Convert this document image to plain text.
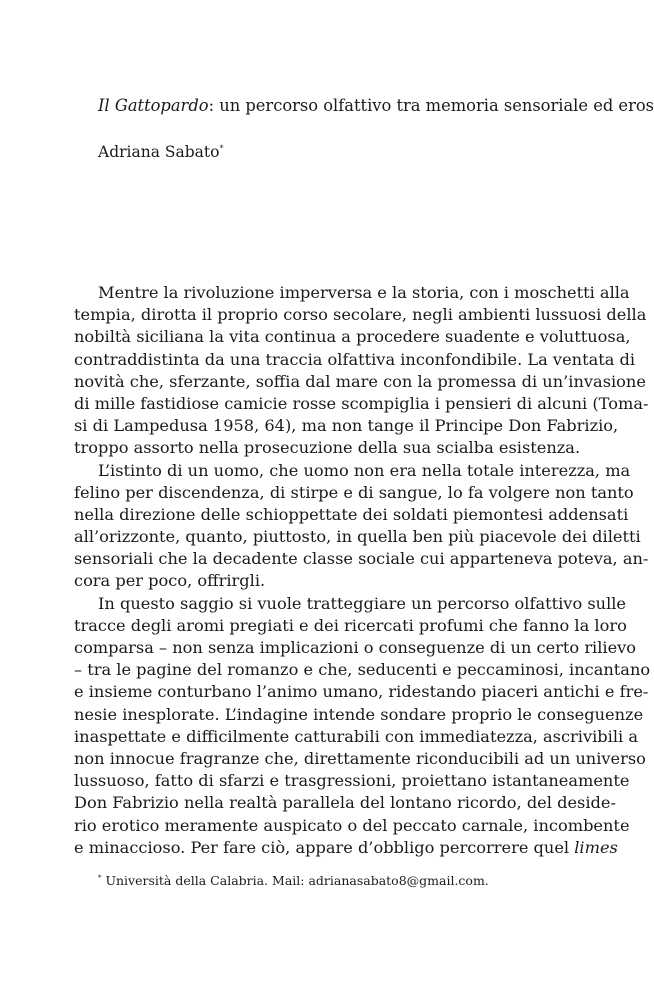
Il Gattopardo: un percorso olfattivo tra memoria sensoriale ed eros
Adriana Sabato*
Mentre la rivoluzione imperversa e la storia, con i moschetti alla
tempia, dirotta il proprio corso secolare, negli ambienti lussuosi della
nobiltà siciliana la vita continua a procedere suadente e voluttuosa,
contraddistinta da una traccia olfattiva inconfondibile. La ventata di
novità che, sferzante, soffia dal mare con la promessa di un’invasione
di mille fastidiose camicie rosse scompiglia i pensieri di alcuni (Toma-
si di Lampedusa 1958, 64), ma non tange il Principe Don Fabrizio,
troppo assorto nella prosecuzione della sua scialba esistenza.
L’istinto di un uomo, che uomo non era nella totale interezza, ma
felino per discendenza, di stirpe e di sangue, lo fa volgere non tanto
nella direzione delle schioppettate dei soldati piemontesi addensati
all’orizzonte, quanto, piuttosto, in quella ben più piacevole dei diletti
sensoriali che la decadente classe sociale cui apparteneva poteva, an-
cora per poco, offrirgli.
In questo saggio si vuole tratteggiare un percorso olfattivo sulle
tracce degli aromi pregiati e dei ricercati profumi che fanno la loro
comparsa – non senza implicazioni o conseguenze di un certo rilievo
– tra le pagine del romanzo e che, seducenti e peccaminosi, incantano
e insieme conturbano l’animo umano, ridestando piaceri antichi e fre-
nesie inesplorate. L’indagine intende sondare proprio le conseguenze
inaspettate e difficilmente catturabili con immediatezza, ascrivibili a
non innocue fragranze che, direttamente riconducibili ad un universo
lussuoso, fatto di sfarzi e trasgressioni, proiettano istantaneamente
Don Fabrizio nella realtà parallela del lontano ricordo, del deside-
rio erotico meramente auspicato o del peccato carnale, incombente
e minaccioso. Per fare ciò, appare d’obbligo percorrere quel limes
* Università della Calabria. Mail: adrianasabato8@gmail.com.
